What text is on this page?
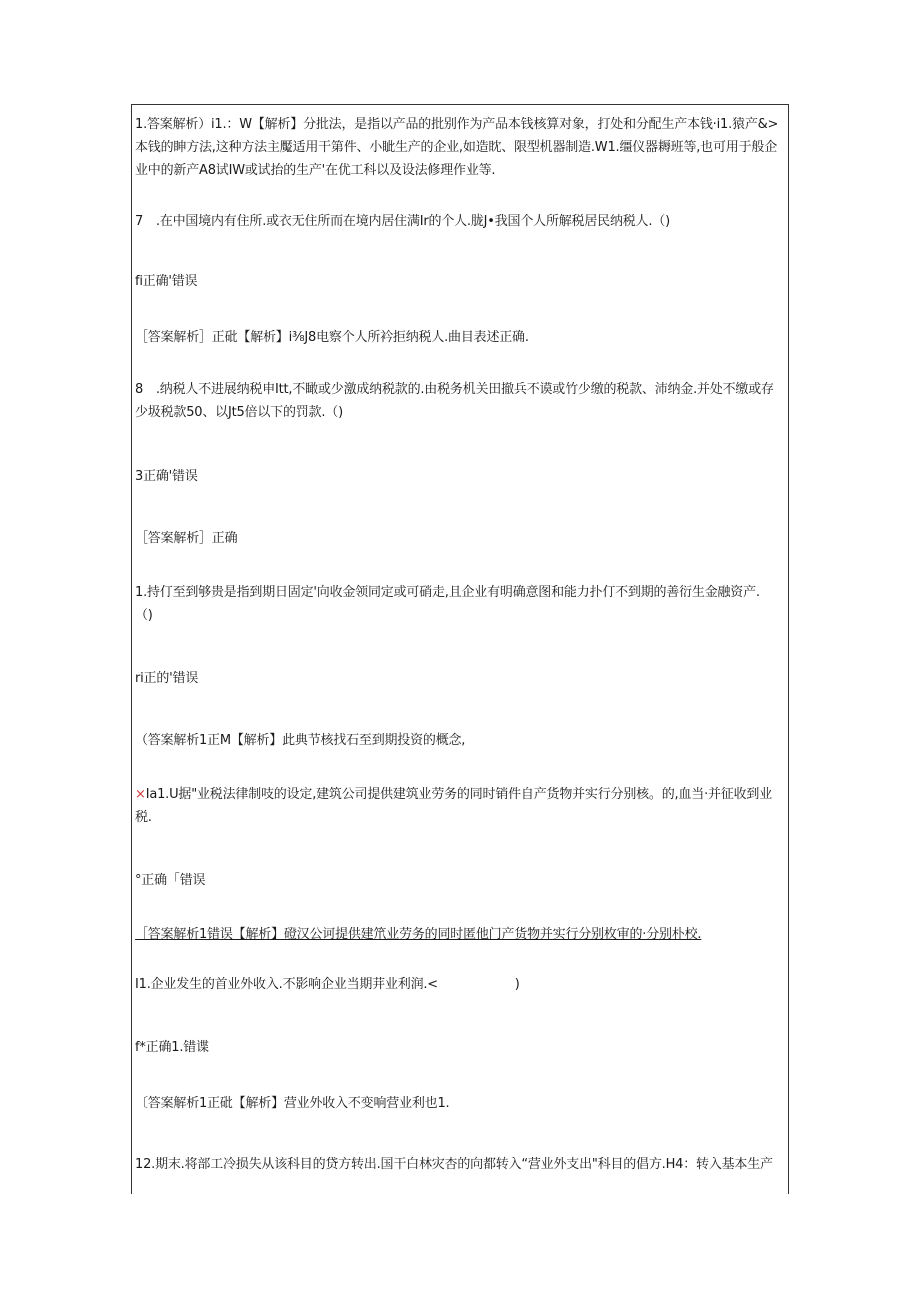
1.答案解析）i1.：W【解析】分批法，是指以产品的批别作为产品本钱核算对象，打处和分配生产本钱·i1.猿产&>
本钱的眒方法,这种方法主魘适用干第件、小眦生产的企业,如造眈、限型机器制造.W1.缰仪器耨班等,也可用于般企
业中的新产A8试IW或试抬的生产'在优工科以及设法修理作业等.
7　.在中国境内有住所.或衣无住所而在境内居住满Ir的个人.胧J•我国个人所解税居民纳税人.（)
fi正确'错误
［答案解析］正砒【解析】i⅜J8电察个人所衿拒纳税人.曲目表述正确.
8　.纳税人不进展纳税申Itt,不瞰或少激成纳税款的.由税务机关田撤兵不谟或竹少缴的税款、沛纳金.并处不缴或存
少圾税款50、以Jt5倍以下的罚款.（)
3正确'错误
［答案解析］正确
1.持仃至到够贵是指到期日固定'向收金领同定或可硝走,且企业有明确意图和能力扑仃不到期的善衍生金融资产.
（)
ri正的'错误
（答案解析1正M【解析】此典节核找石至到期投资的概念,
×Ia1.U据"业税法律制吱的设定,建筑公司提供建筑业劳务的同时销件自产货物并实行分别核。的,血当·并征收到业
税.
°正确「错误
［答案解析1错误【解析】磴汉公诃提供建笊业劳务的同时匿他门产货物并实行分别枚审的·分别朴校.
I1.企业发生的首业外收入.不影响企业当期茾业利润.<　　　　　　)
f*正确1.错谍
〔答案解析1正砒【解析】营业外收入不变响营业利也1.
12.期末.将部工冷损失从该科目的贷方转出.国干白林灾杏的向都转入“营业外支出"科目的倡方.H4：转入基本生产
